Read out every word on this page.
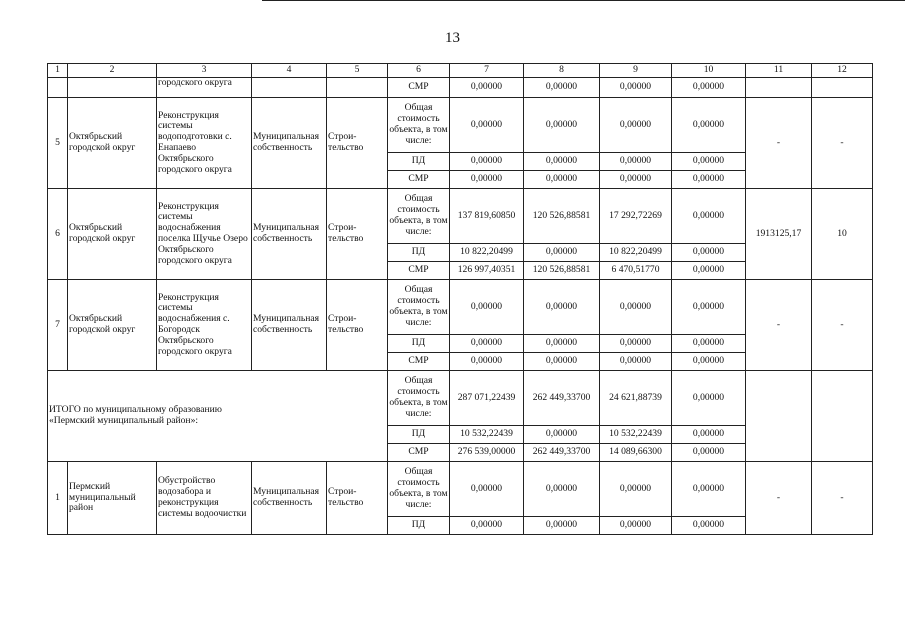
13
1	2	3	4	5	6	7	8	9	10	11	12
		городского округа			СМР	0,00000	0,00000	0,00000	0,00000		
5	Октябрьский городской округ	Реконструкция системы водоподготовки с. Енапаево Октябрьского городского округа	Муниципальная собственность	Строи-тельство	Общая стоимость объекта, в том числе:	0,00000	0,00000	0,00000	0,00000	-	-
					ПД	0,00000	0,00000	0,00000	0,00000		
					СМР	0,00000	0,00000	0,00000	0,00000		
6	Октябрьский городской округ	Реконструкция системы водоснабжения поселка Щучье Озеро Октябрьского городского округа	Муниципальная собственность	Строи-тельство	Общая стоимость объекта, в том числе:	137 819,60850	120 526,88581	17 292,72269	0,00000	1913125,17	10
					ПД	10 822,20499	0,00000	10 822,20499	0,00000		
					СМР	126 997,40351	120 526,88581	6 470,51770	0,00000		
7	Октябрьский городской округ	Реконструкция системы водоснабжения с. Богородск Октябрьского городского округа	Муниципальная собственность	Строи-тельство	Общая стоимость объекта, в том числе:	0,00000	0,00000	0,00000	0,00000	-	-
					ПД	0,00000	0,00000	0,00000	0,00000		
					СМР	0,00000	0,00000	0,00000	0,00000		
ИТОГО по муниципальному образованию «Пермский муниципальный район»:					Общая стоимость объекта, в том числе:	287 071,22439	262 449,33700	24 621,88739	0,00000		
					ПД	10 532,22439	0,00000	10 532,22439	0,00000		
					СМР	276 539,00000	262 449,33700	14 089,66300	0,00000		
1	Пермский муниципальный район	Обустройство водозабора и реконструкция системы водоочистки	Муниципальная собственность	Строи-тельство	Общая стоимость объекта, в том числе:	0,00000	0,00000	0,00000	0,00000	-	-
					ПД	0,00000	0,00000	0,00000	0,00000		
